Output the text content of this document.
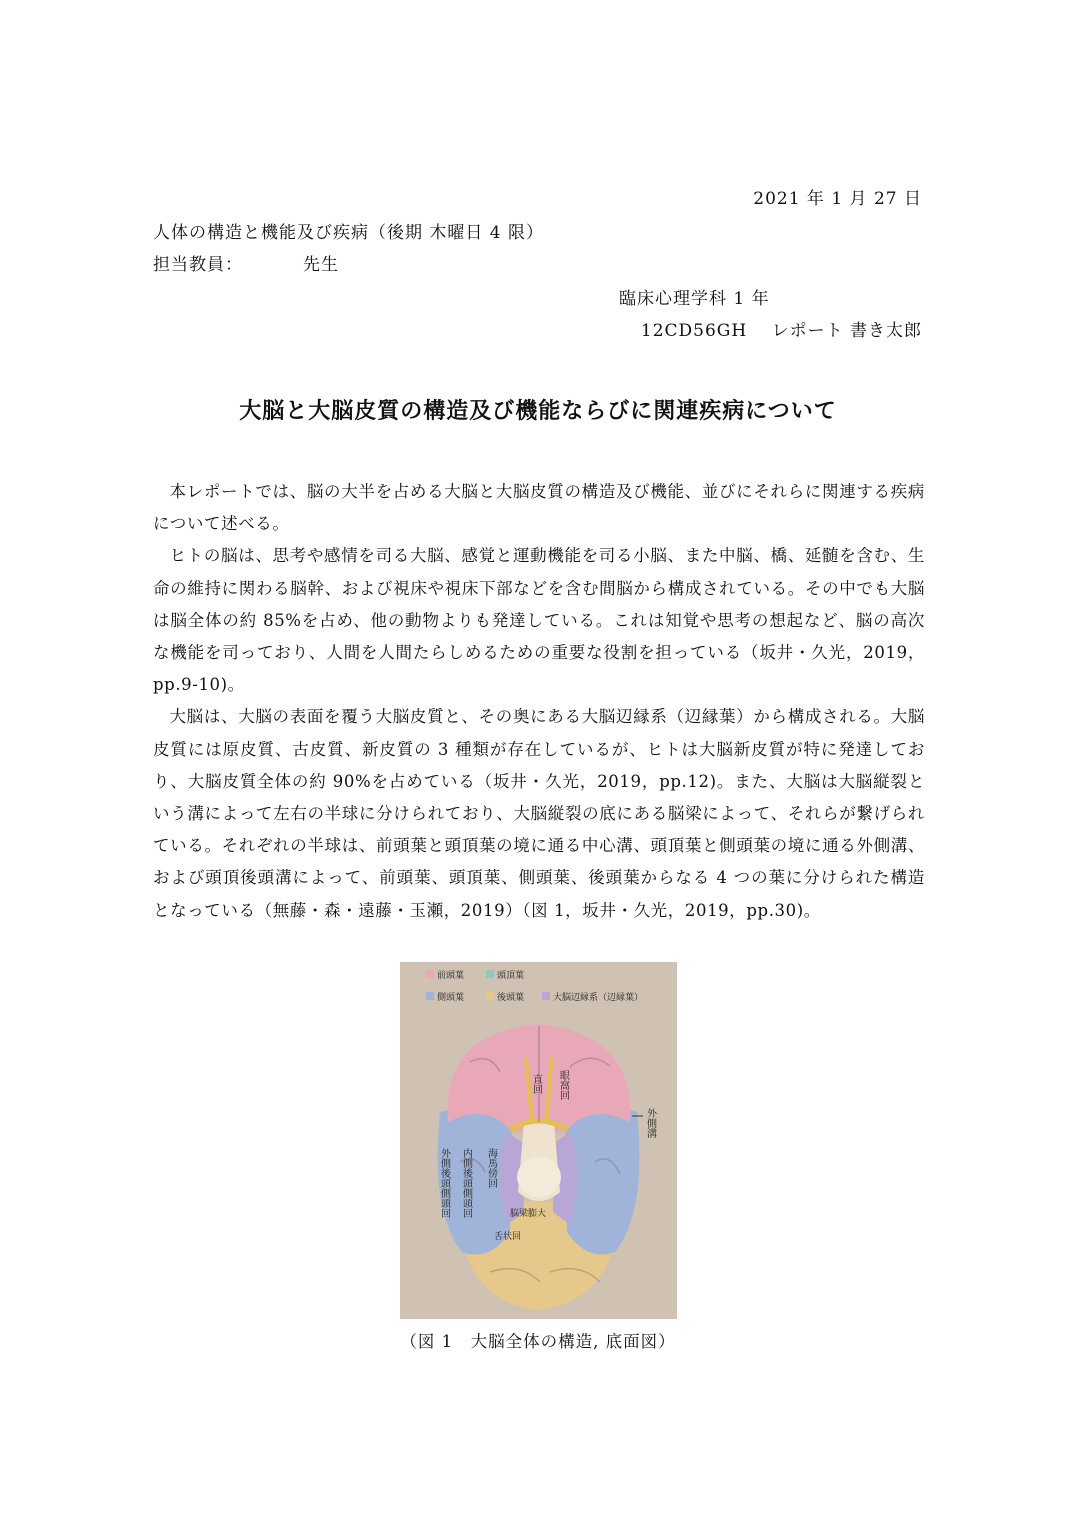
2021 年 1 月 27 日
人体の構造と機能及び疾病（後期 木曜日 4 限）
担当教員：	先生
臨床心理学科 1 年
12CD56GH　 レポート 書き太郎
大脳と大脳皮質の構造及び機能ならびに関連疾病について

本レポートでは、脳の大半を占める大脳と大脳皮質の構造及び機能、並びにそれらに関連する疾病について述べる。

ヒトの脳は、思考や感情を司る大脳、感覚と運動機能を司る小脳、また中脳、橋、延髄を含む、生命の維持に関わる脳幹、および視床や視床下部などを含む間脳から構成されている。その中でも大脳は脳全体の約 85%を占め、他の動物よりも発達している。これは知覚や思考の想起など、脳の高次な機能を司っており、人間を人間たらしめるための重要な役割を担っている（坂井・久光，2019，pp.9-10)。

大脳は、大脳の表面を覆う大脳皮質と、その奥にある大脳辺縁系（辺縁葉）から構成される。大脳皮質には原皮質、古皮質、新皮質の 3 種類が存在しているが、ヒトは大脳新皮質が特に発達しており、大脳皮質全体の約 90%を占めている（坂井・久光，2019，pp.12)。また、大脳は大脳縦裂という溝によって左右の半球に分けられており、大脳縦裂の底にある脳梁によって、それらが繋げられている。それぞれの半球は、前頭葉と頭頂葉の境に通る中心溝、頭頂葉と側頭葉の境に通る外側溝、および頭頂後頭溝によって、前頭葉、頭頂葉、側頭葉、後頭葉からなる 4 つの葉に分けられた構造となっている（無藤・森・遠藤・玉瀬，2019）（図 1，坂井・久光，2019，pp.30)。

前頭葉	頭頂葉
側頭葉	後頭葉	大脳辺縁系（辺縁葉）
直回 眼窩回
外側溝
海馬傍回
内側後頭側頭回
外側後頭側頭回	脳梁膨大
舌状回
（図 1　大脳全体の構造, 底面図）
